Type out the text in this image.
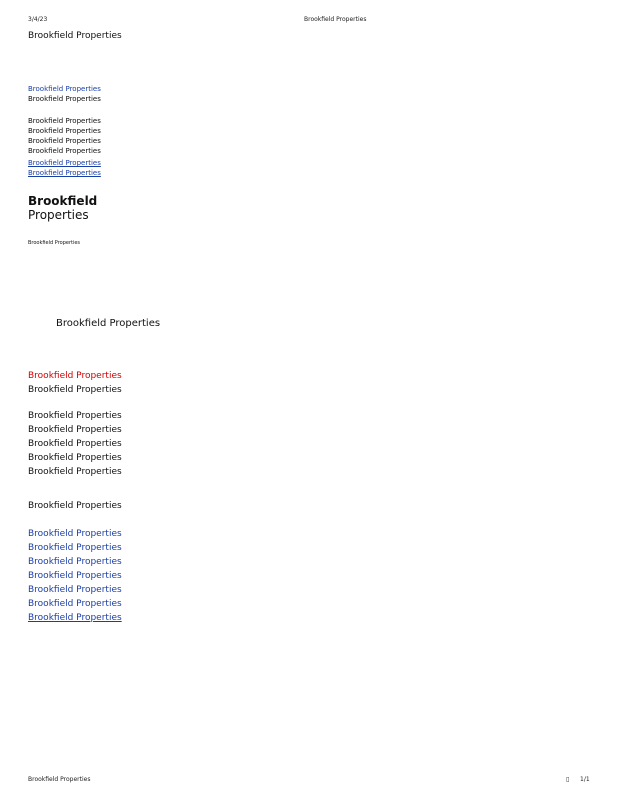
3/4/23	Brookfield Properties
Brookfield Properties
Brookfield Properties
Brookfield Properties
Brookfield Properties
Brookfield Properties
Brookfield Properties
Brookfield Properties
Brookfield Properties
Brookfield Properties
Brookfield
Properties
Brookfield Properties
Brookfield Properties
Brookfield Properties
Brookfield Properties
Brookfield Properties
Brookfield Properties
Brookfield Properties
Brookfield Properties
Brookfield Properties
Brookfield Properties
Brookfield Properties
Brookfield Properties
Brookfield Properties
Brookfield Properties
Brookfield Properties
Brookfield Properties
Brookfield Properties
Brookfield Properties	▯ 1/1
